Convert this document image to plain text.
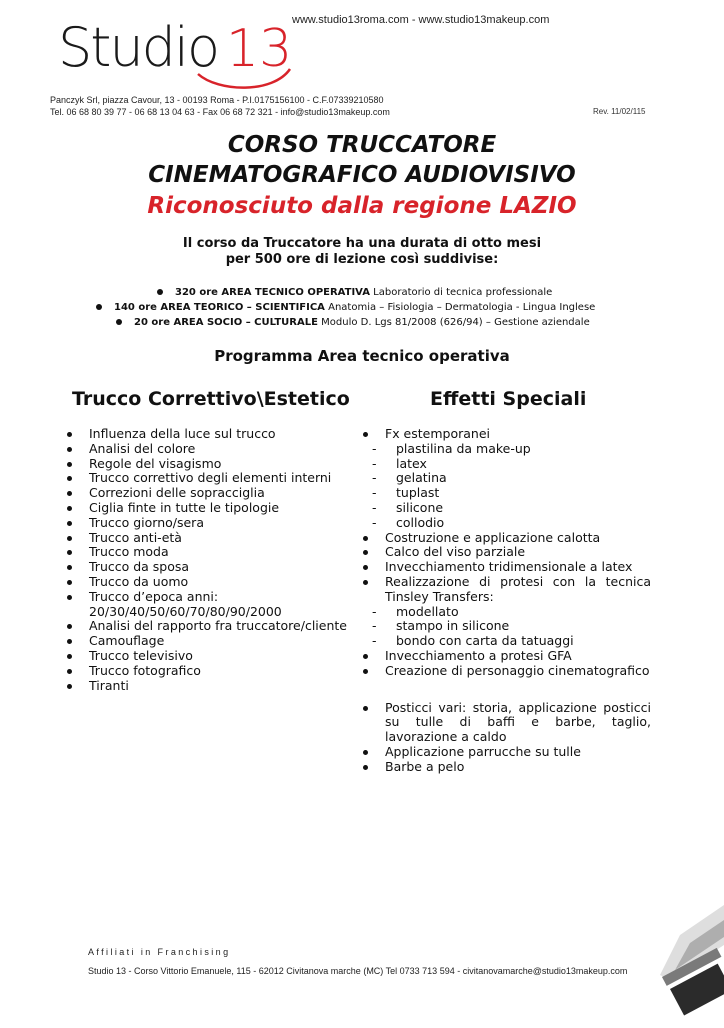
Studio 13 www.studio13roma.com - www.studio13makeup.com
Panczyk Srl, piazza Cavour, 13 - 00193 Roma - P.I.0175156100 - C.F.07339210580
Tel. 06 68 80 39 77 - 06 68 13 04 63 - Fax 06 68 72 321 - info@studio13makeup.com	Rev. 11/02/115
CORSO TRUCCATORE
CINEMATOGRAFICO AUDIOVISIVO
Riconosciuto dalla regione LAZIO
Il corso da Truccatore ha una durata di otto mesi
per 500 ore di lezione così suddivise:
320 ore AREA TECNICO OPERATIVA Laboratorio di tecnica professionale
140 ore AREA TEORICO – SCIENTIFICA Anatomia – Fisiologia – Dermatologia - Lingua Inglese
20 ore AREA SOCIO – CULTURALE Modulo D. Lgs 81/2008 (626/94) – Gestione aziendale
Programma Area tecnico operativa
Trucco Correttivo\Estetico	Effetti Speciali
Influenza della luce sul trucco
Analisi del colore
Regole del visagismo
Trucco correttivo degli elementi interni
Correzioni delle sopracciglia
Ciglia finte in tutte le tipologie
Trucco giorno/sera
Trucco anti-età
Trucco moda
Trucco da sposa
Trucco da uomo
Trucco d’epoca anni: 20/30/40/50/60/70/80/90/2000
Analisi del rapporto fra truccatore/cliente
Camouflage
Trucco televisivo
Trucco fotografico
Tiranti
Fx estemporanei
- plastilina da make-up
- latex
- gelatina
- tuplast
- silicone
- collodio
Costruzione e applicazione calotta
Calco del viso parziale
Invecchiamento tridimensionale a latex
Realizzazione di protesi con la tecnica Tinsley Transfers:
- modellato
- stampo in silicone
- bondo con carta da tatuaggi
Invecchiamento a protesi GFA
Creazione di personaggio cinematografico
Posticci vari: storia, applicazione posticci su tulle di baffi e barbe, taglio, lavorazione a caldo
Applicazione parrucche su tulle
Barbe a pelo
Affiliati in Franchising
Studio 13 - Corso Vittorio Emanuele, 115 - 62012 Civitanova marche (MC) Tel 0733 713 594 - civitanovamarche@studio13makeup.com
